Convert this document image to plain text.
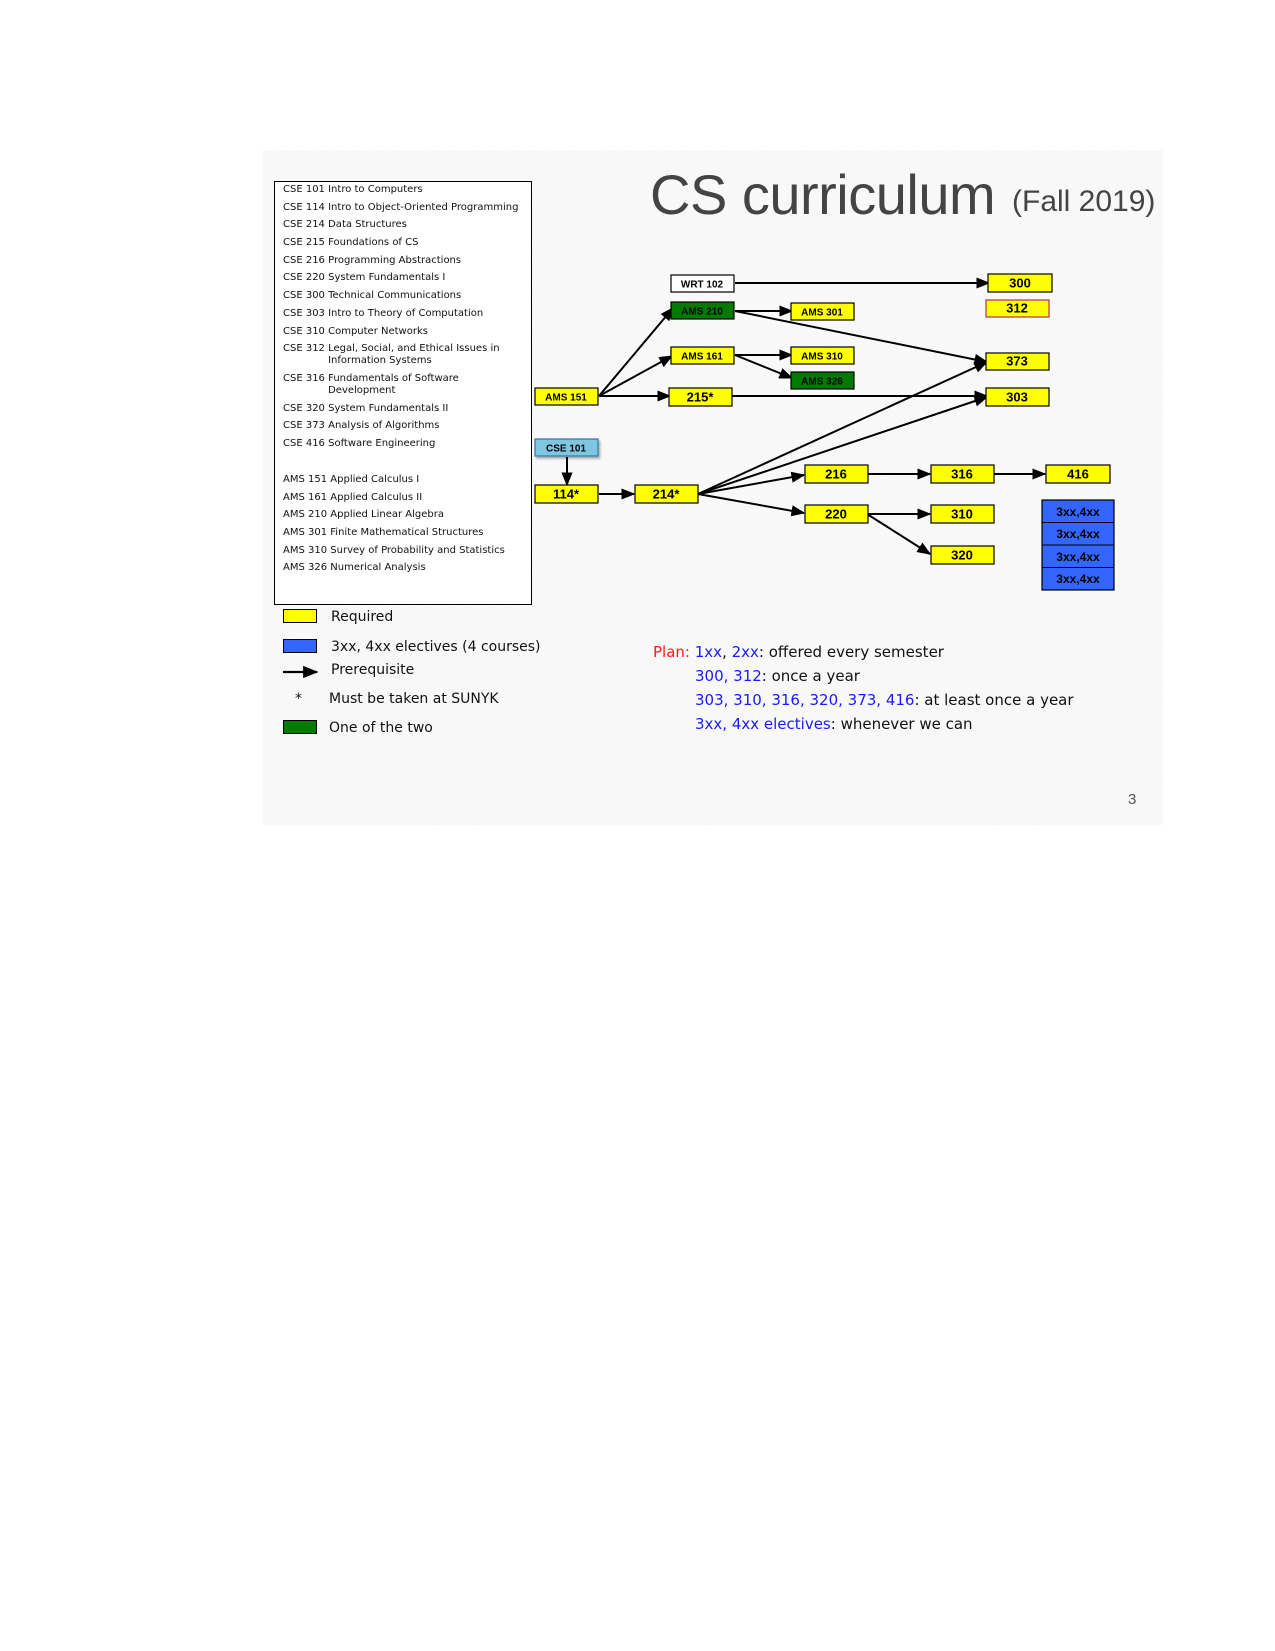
CS curriculum (Fall 2019)
CSE 101 Intro to Computers
CSE 114 Intro to Object-Oriented Programming
CSE 214 Data Structures
CSE 215 Foundations of CS
CSE 216 Programming Abstractions
CSE 220 System Fundamentals I
CSE 300 Technical Communications
CSE 303 Intro to Theory of Computation
CSE 310 Computer Networks
CSE 312 Legal, Social, and Ethical Issues in Information Systems
CSE 316 Fundamentals of Software Development
CSE 320 System Fundamentals II
CSE 373 Analysis of Algorithms
CSE 416 Software Engineering
AMS 151 Applied Calculus I
AMS 161 Applied Calculus II
AMS 210 Applied Linear Algebra
AMS 301 Finite Mathematical Structures
AMS 310 Survey of Probability and Statistics
AMS 326 Numerical Analysis
WRT 102	300
AMS 210	AMS 301	312
AMS 161	AMS 310	373
AMS 326
AMS 151	215*	303
CSE 101
216	316	416
114*	214*
220	310
320
3xx,4xx
3xx,4xx
3xx,4xx
3xx,4xx
Required
3xx, 4xx electives (4 courses)
Prerequisite
* Must be taken at SUNYK
One of the two
Plan: 1xx, 2xx: offered every semester
300, 312: once a year
303, 310, 316, 320, 373, 416: at least once a year
3xx, 4xx electives: whenever we can
3
